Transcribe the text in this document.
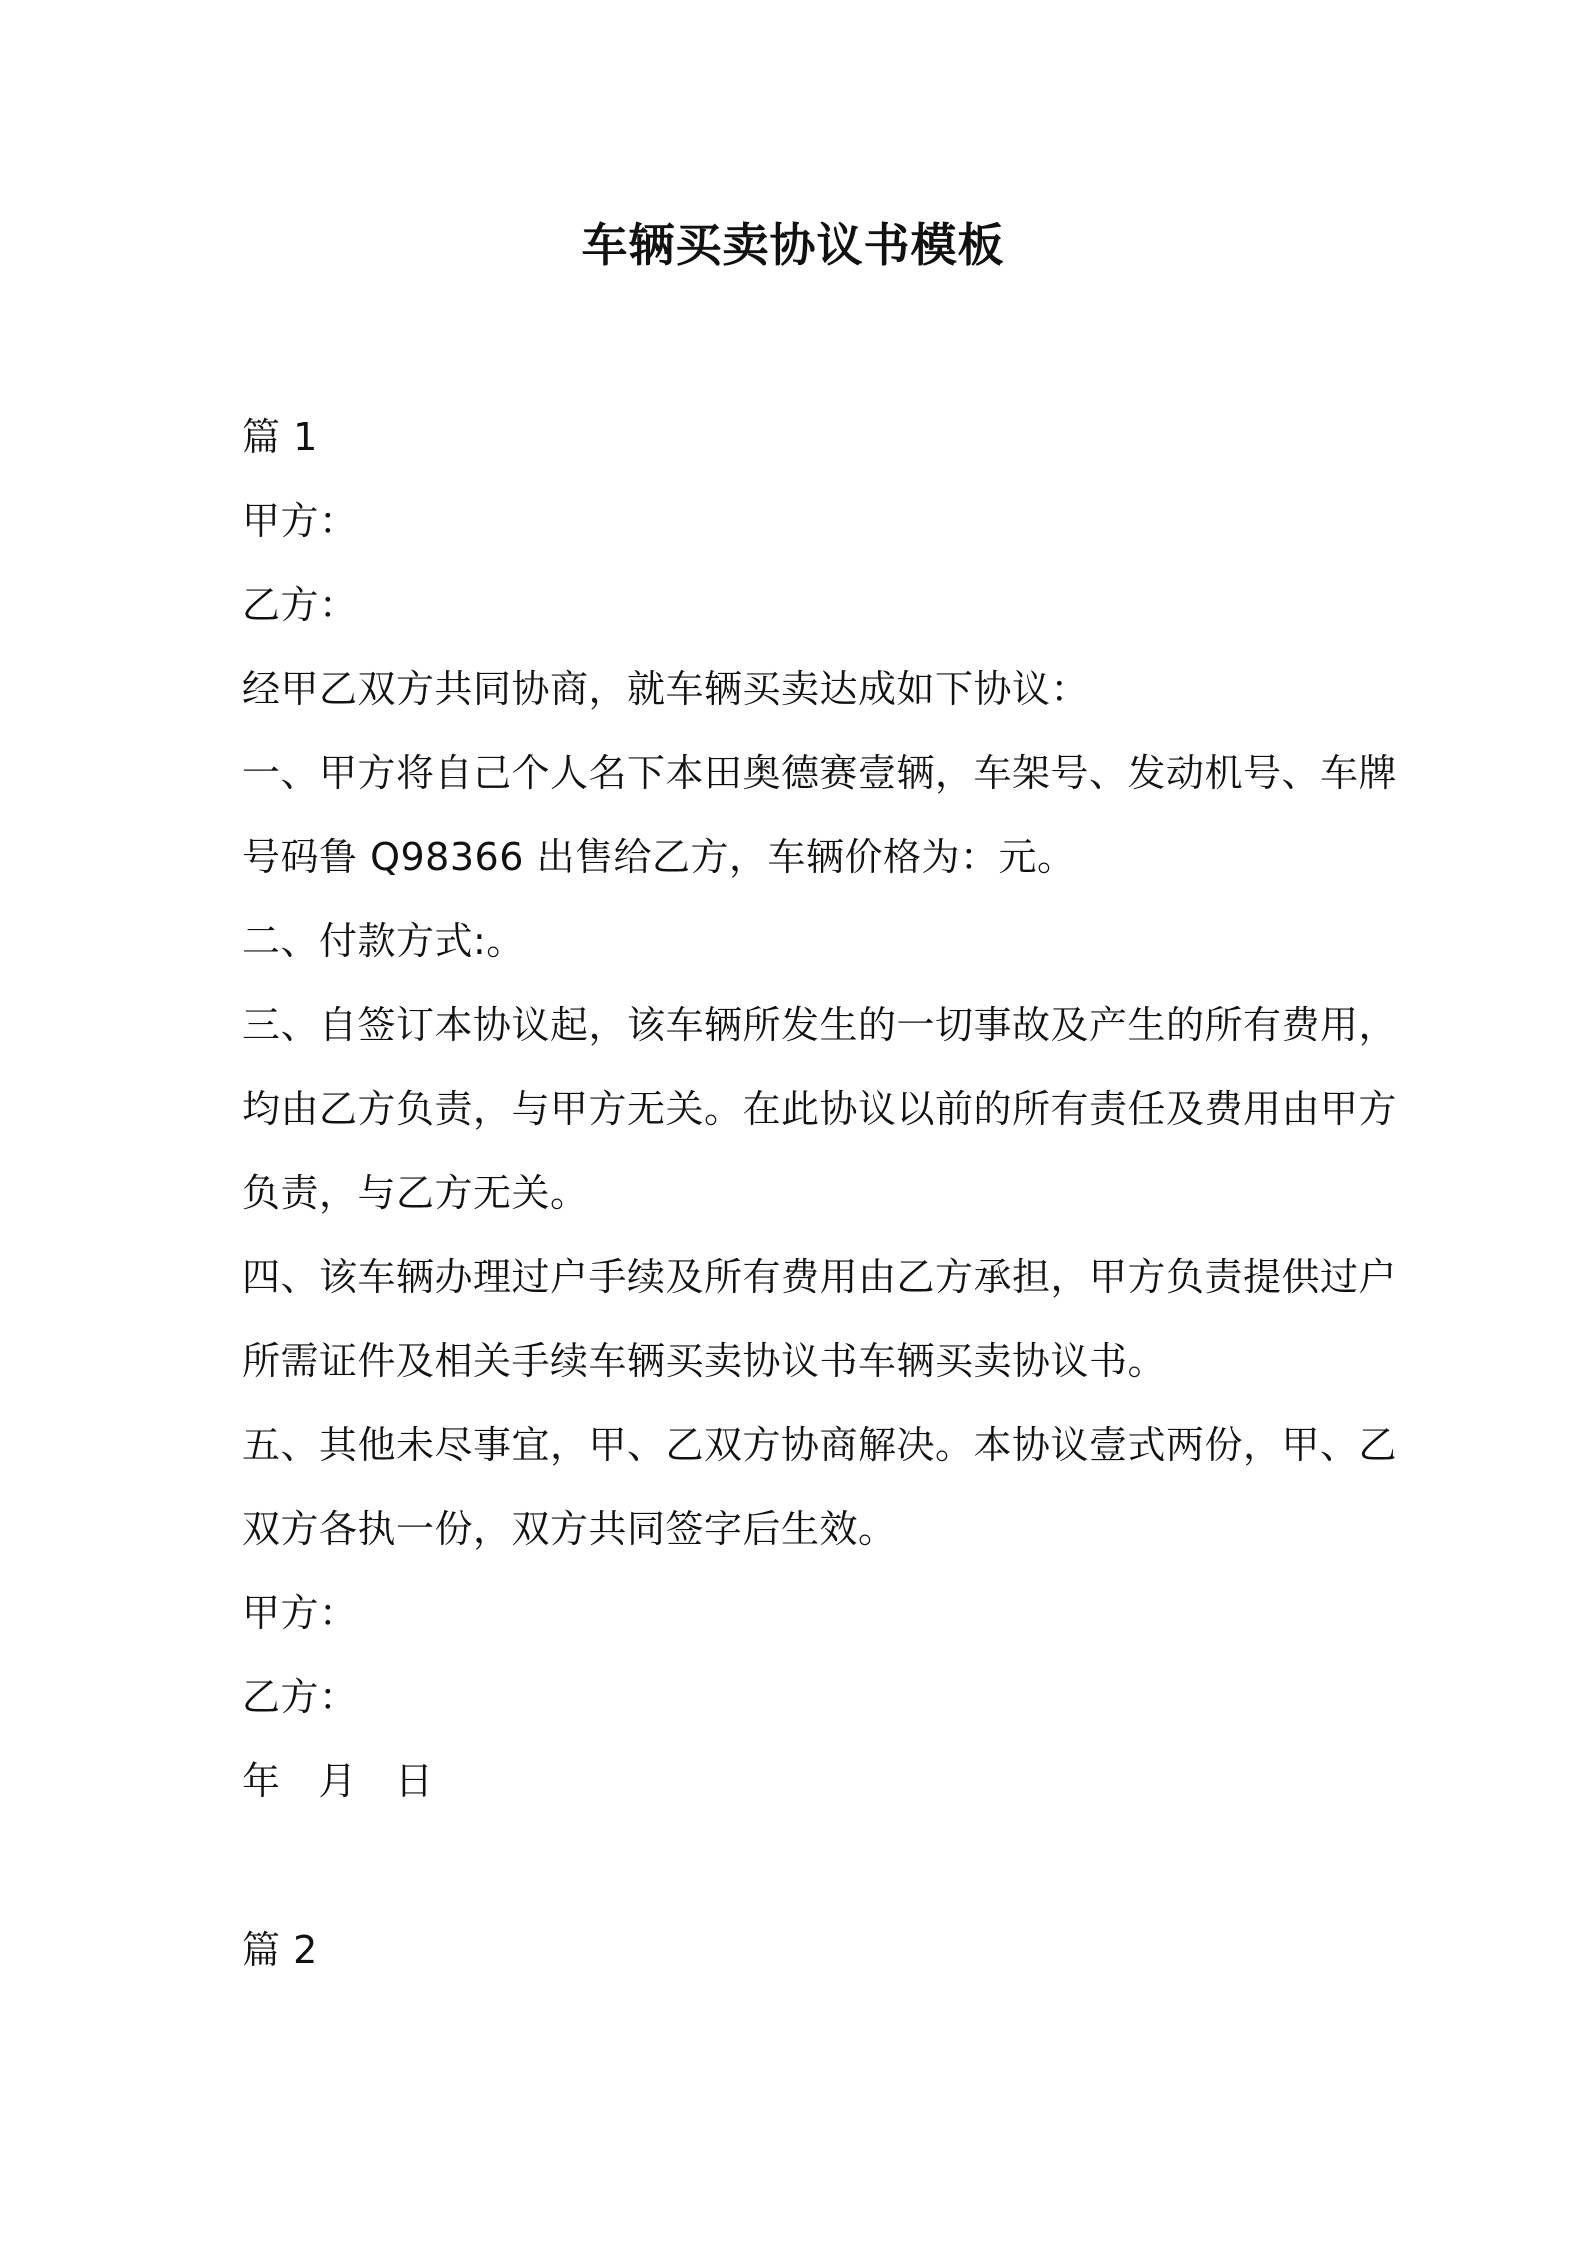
车辆买卖协议书模板
篇 1
甲方：
乙方：
经甲乙双方共同协商，就车辆买卖达成如下协议：
一、甲方将自己个人名下本田奥德赛壹辆，车架号、发动机号、车牌
号码鲁 Q98366 出售给乙方，车辆价格为：元。
二、付款方式:。
三、自签订本协议起，该车辆所发生的一切事故及产生的所有费用，
均由乙方负责，与甲方无关。在此协议以前的所有责任及费用由甲方
负责，与乙方无关。
四、该车辆办理过户手续及所有费用由乙方承担，甲方负责提供过户
所需证件及相关手续车辆买卖协议书车辆买卖协议书。
五、其他未尽事宜，甲、乙双方协商解决。本协议壹式两份，甲、乙
双方各执一份，双方共同签字后生效。
甲方：
乙方：
年 月 日
篇 2
